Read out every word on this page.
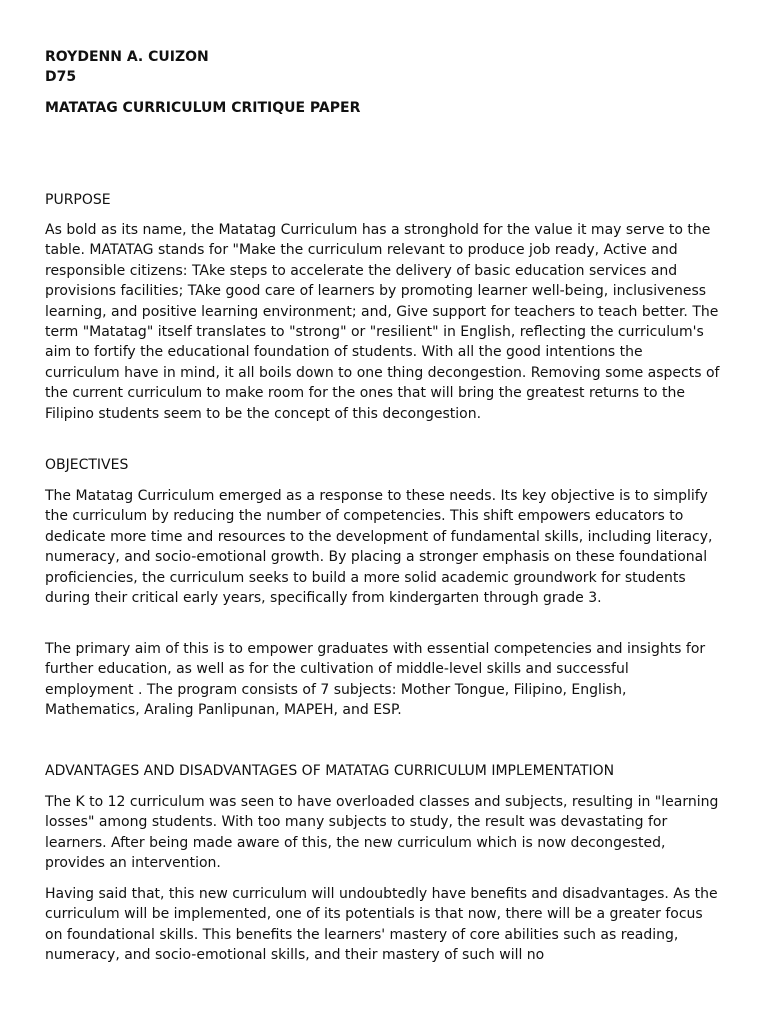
ROYDENN A. CUIZON

D75

MATATAG CURRICULUM CRITIQUE PAPER

PURPOSE

As bold as its name, the Matatag Curriculum has a stronghold for the value it may serve to the table. MATATAG stands for "Make the curriculum relevant to produce job ready, Active and responsible citizens: TAke steps to accelerate the delivery of basic education services and provisions facilities; TAke good care of learners by promoting learner well-being, inclusiveness learning, and positive learning environment; and, Give support for teachers to teach better. The term "Matatag" itself translates to "strong" or "resilient" in English, reflecting the curriculum's aim to fortify the educational foundation of students. With all the good intentions the curriculum have in mind, it all boils down to one thing decongestion. Removing some aspects of the current curriculum to make room for the ones that will bring the greatest returns to the Filipino students seem to be the concept of this decongestion.

OBJECTIVES

The Matatag Curriculum emerged as a response to these needs. Its key objective is to simplify the curriculum by reducing the number of competencies. This shift empowers educators to dedicate more time and resources to the development of fundamental skills, including literacy, numeracy, and socio-emotional growth. By placing a stronger emphasis on these foundational proficiencies, the curriculum seeks to build a more solid academic groundwork for students during their critical early years, specifically from kindergarten through grade 3.

The primary aim of this is to empower graduates with essential competencies and insights for further education, as well as for the cultivation of middle-level skills and successful employment . The program consists of 7 subjects: Mother Tongue, Filipino, English, Mathematics, Araling Panlipunan, MAPEH, and ESP.

ADVANTAGES AND DISADVANTAGES OF MATATAG CURRICULUM IMPLEMENTATION

The K to 12 curriculum was seen to have overloaded classes and subjects, resulting in "learning losses" among students. With too many subjects to study, the result was devastating for learners. After being made aware of this, the new curriculum which is now decongested, provides an intervention.

Having said that, this new curriculum will undoubtedly have benefits and disadvantages. As the curriculum will be implemented, one of its potentials is that now, there will be a greater focus on foundational skills. This benefits the learners' mastery of core abilities such as reading, numeracy, and socio-emotional skills, and their mastery of such will no
